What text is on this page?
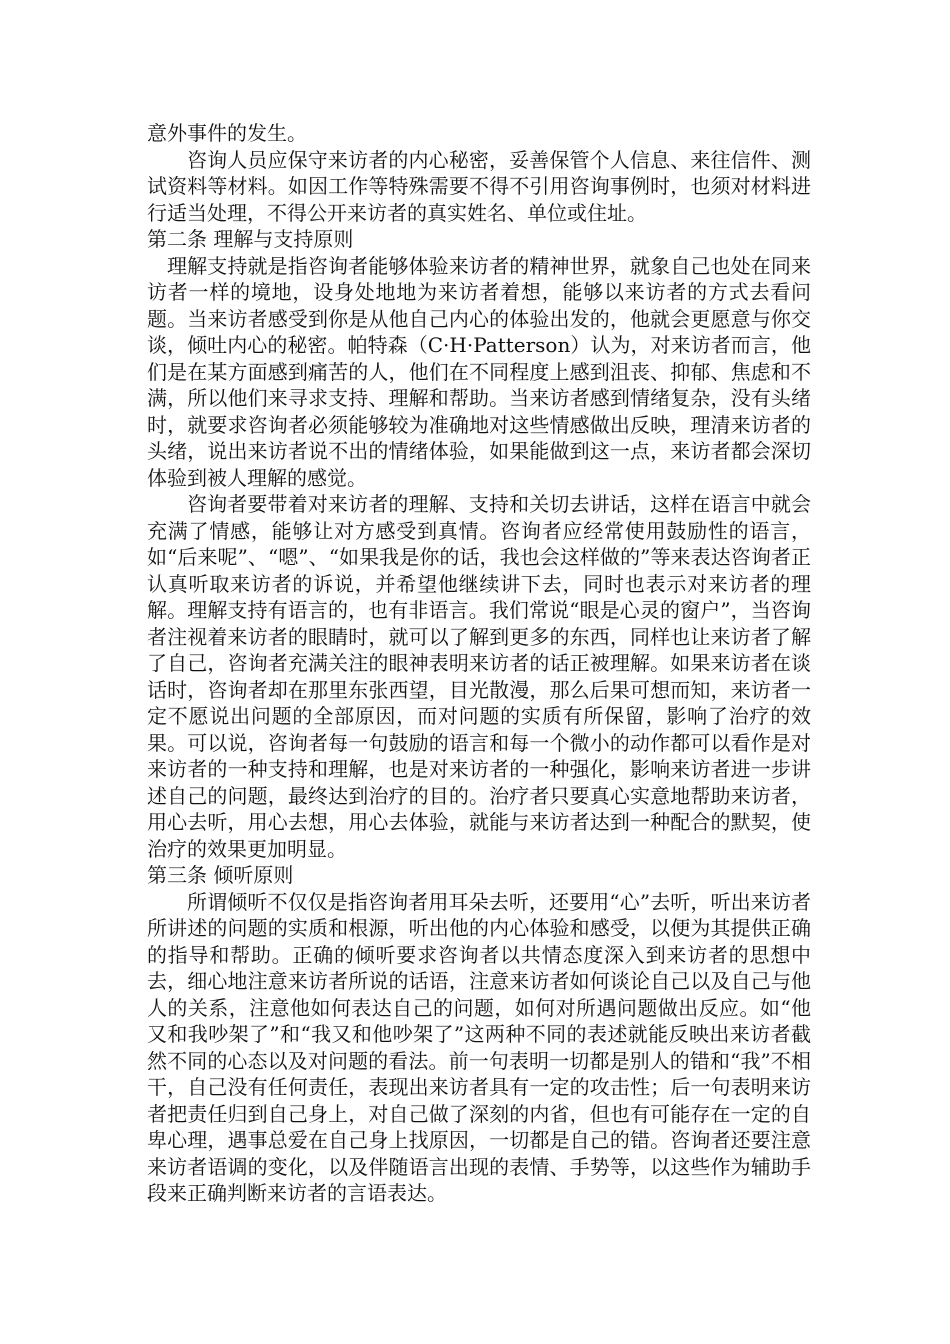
意外事件的发生。

咨询人员应保守来访者的内心秘密，妥善保管个人信息、来往信件、测试资料等材料。如因工作等特殊需要不得不引用咨询事例时，也须对材料进行适当处理，不得公开来访者的真实姓名、单位或住址。

第二条 理解与支持原则

理解支持就是指咨询者能够体验来访者的精神世界，就象自己也处在同来访者一样的境地，设身处地地为来访者着想，能够以来访者的方式去看问题。当来访者感受到你是从他自己内心的体验出发的，他就会更愿意与你交谈，倾吐内心的秘密。帕特森（C·H·Patterson）认为，对来访者而言，他们是在某方面感到痛苦的人，他们在不同程度上感到沮丧、抑郁、焦虑和不满，所以他们来寻求支持、理解和帮助。当来访者感到情绪复杂，没有头绪时，就要求咨询者必须能够较为准确地对这些情感做出反映，理清来访者的头绪，说出来访者说不出的情绪体验，如果能做到这一点，来访者都会深切体验到被人理解的感觉。

咨询者要带着对来访者的理解、支持和关切去讲话，这样在语言中就会充满了情感，能够让对方感受到真情。咨询者应经常使用鼓励性的语言，如“后来呢”、“嗯”、“如果我是你的话，我也会这样做的”等来表达咨询者正认真听取来访者的诉说，并希望他继续讲下去，同时也表示对来访者的理解。理解支持有语言的，也有非语言。我们常说“眼是心灵的窗户”，当咨询者注视着来访者的眼睛时，就可以了解到更多的东西，同样也让来访者了解了自己，咨询者充满关注的眼神表明来访者的话正被理解。如果来访者在谈话时，咨询者却在那里东张西望，目光散漫，那么后果可想而知，来访者一定不愿说出问题的全部原因，而对问题的实质有所保留，影响了治疗的效果。可以说，咨询者每一句鼓励的语言和每一个微小的动作都可以看作是对来访者的一种支持和理解，也是对来访者的一种强化，影响来访者进一步讲述自己的问题，最终达到治疗的目的。治疗者只要真心实意地帮助来访者，用心去听，用心去想，用心去体验，就能与来访者达到一种配合的默契，使治疗的效果更加明显。

第三条 倾听原则

所谓倾听不仅仅是指咨询者用耳朵去听，还要用“心”去听，听出来访者所讲述的问题的实质和根源，听出他的内心体验和感受，以便为其提供正确的指导和帮助。正确的倾听要求咨询者以共情态度深入到来访者的思想中去，细心地注意来访者所说的话语，注意来访者如何谈论自己以及自己与他人的关系，注意他如何表达自己的问题，如何对所遇问题做出反应。如“他又和我吵架了”和“我又和他吵架了”这两种不同的表述就能反映出来访者截然不同的心态以及对问题的看法。前一句表明一切都是别人的错和“我”不相干，自己没有任何责任，表现出来访者具有一定的攻击性；后一句表明来访者把责任归到自己身上，对自己做了深刻的内省，但也有可能存在一定的自卑心理，遇事总爱在自己身上找原因，一切都是自己的错。咨询者还要注意来访者语调的变化，以及伴随语言出现的表情、手势等，以这些作为辅助手段来正确判断来访者的言语表达。
